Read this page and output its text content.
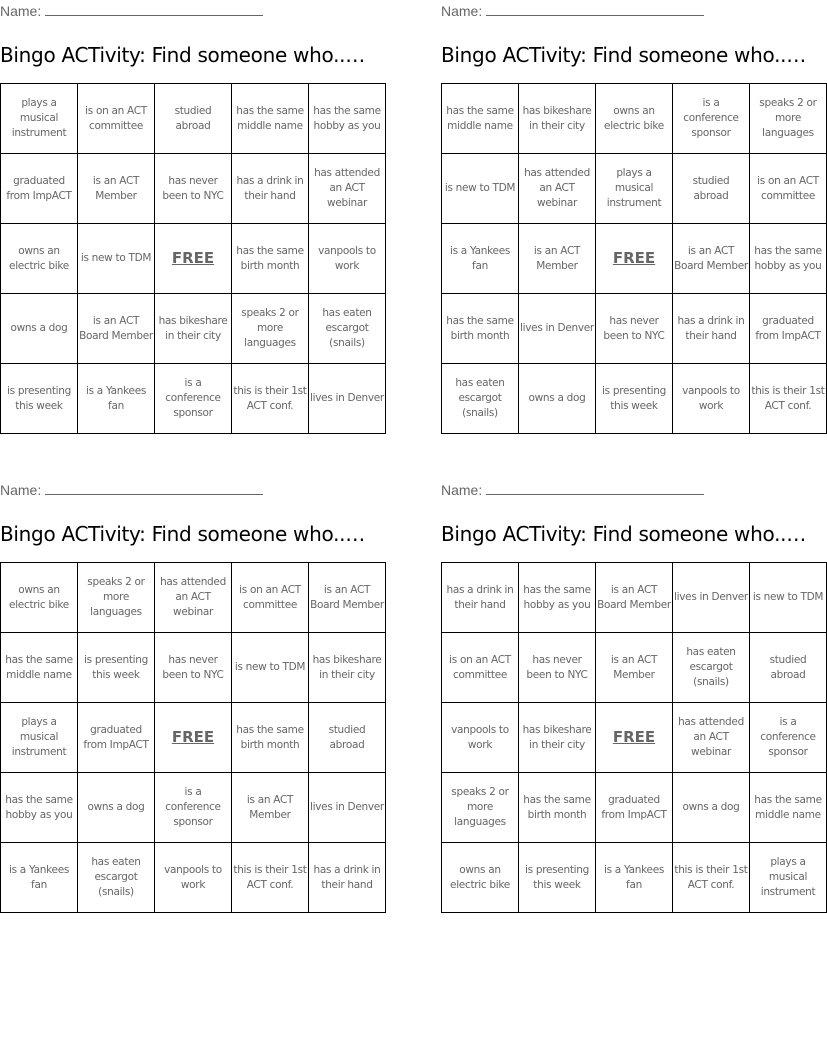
Name:
Bingo ACTivity: Find someone who..…
plays a musical instrument	is on an ACT committee	studied abroad	has the same middle name	has the same hobby as you
graduated from ImpACT	is an ACT Member	has never been to NYC	has a drink in their hand	has attended an ACT webinar
owns an electric bike	is new to TDM	FREE	has the same birth month	vanpools to work
owns a dog	is an ACT Board Member	has bikeshare in their city	speaks 2 or more languages	has eaten escargot (snails)
is presenting this week	is a Yankees fan	is a conference sponsor	this is their 1st ACT conf.	lives in Denver
Name:
Bingo ACTivity: Find someone who..…
has the same middle name	has bikeshare in their city	owns an electric bike	is a conference sponsor	speaks 2 or more languages
is new to TDM	has attended an ACT webinar	plays a musical instrument	studied abroad	is on an ACT committee
is a Yankees fan	is an ACT Member	FREE	is an ACT Board Member	has the same hobby as you
has the same birth month	lives in Denver	has never been to NYC	has a drink in their hand	graduated from ImpACT
has eaten escargot (snails)	owns a dog	is presenting this week	vanpools to work	this is their 1st ACT conf.
Name:
Bingo ACTivity: Find someone who..…
owns an electric bike	speaks 2 or more languages	has attended an ACT webinar	is on an ACT committee	is an ACT Board Member
has the same middle name	is presenting this week	has never been to NYC	is new to TDM	has bikeshare in their city
plays a musical instrument	graduated from ImpACT	FREE	has the same birth month	studied abroad
has the same hobby as you	owns a dog	is a conference sponsor	is an ACT Member	lives in Denver
is a Yankees fan	has eaten escargot (snails)	vanpools to work	this is their 1st ACT conf.	has a drink in their hand
Name:
Bingo ACTivity: Find someone who..…
has a drink in their hand	has the same hobby as you	is an ACT Board Member	lives in Denver	is new to TDM
is on an ACT committee	has never been to NYC	is an ACT Member	has eaten escargot (snails)	studied abroad
vanpools to work	has bikeshare in their city	FREE	has attended an ACT webinar	is a conference sponsor
speaks 2 or more languages	has the same birth month	graduated from ImpACT	owns a dog	has the same middle name
owns an electric bike	is presenting this week	is a Yankees fan	this is their 1st ACT conf.	plays a musical instrument
